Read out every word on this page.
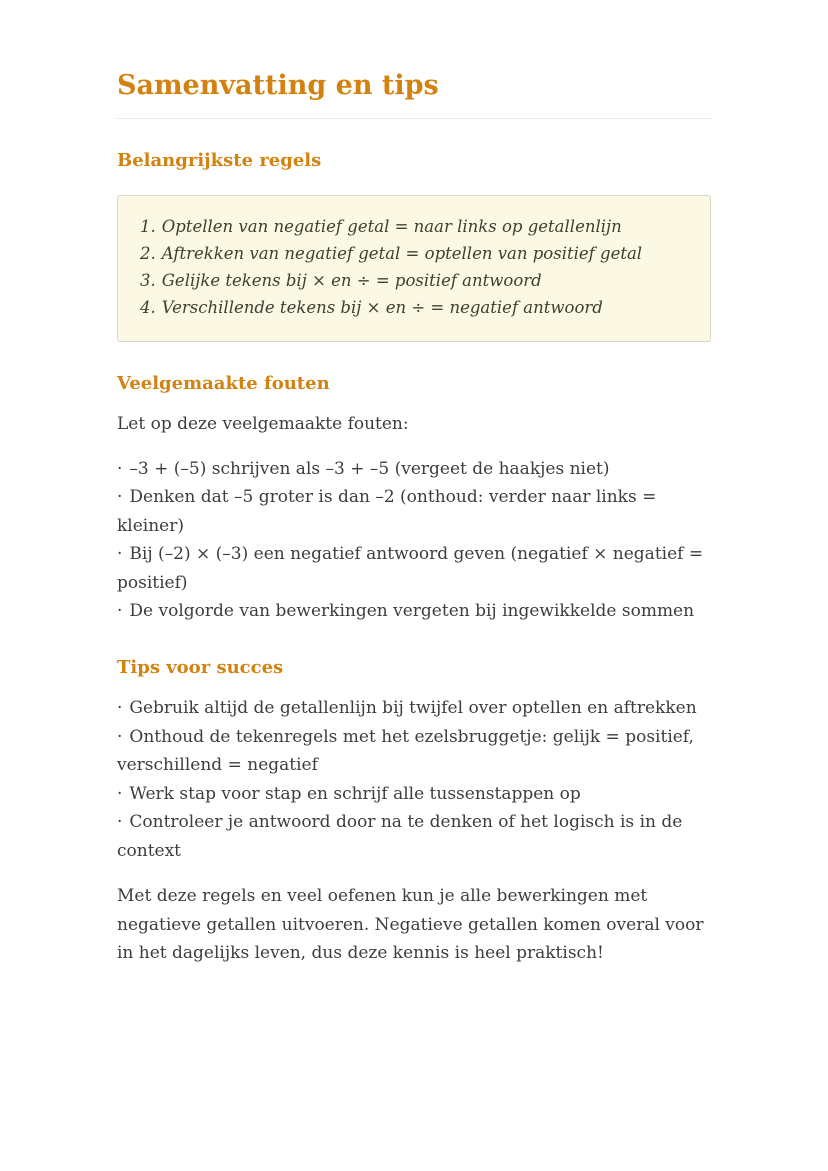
Samenvatting en tips
Belangrijkste regels
1. Optellen van negatief getal = naar links op getallenlijn
2. Aftrekken van negatief getal = optellen van positief getal
3. Gelijke tekens bij × en ÷ = positief antwoord
4. Verschillende tekens bij × en ÷ = negatief antwoord
Veelgemaakte fouten

Let op deze veelgemaakte fouten:

· –3 + (–5) schrijven als –3 + –5 (vergeet de haakjes niet)
· Denken dat –5 groter is dan –2 (onthoud: verder naar links = kleiner)
· Bij (–2) × (–3) een negatief antwoord geven (negatief × negatief = positief)
· De volgorde van bewerkingen vergeten bij ingewikkelde sommen
Tips voor succes
· Gebruik altijd de getallenlijn bij twijfel over optellen en aftrekken
· Onthoud de tekenregels met het ezelsbruggetje: gelijk = positief, verschillend = negatief
· Werk stap voor stap en schrijf alle tussenstappen op
· Controleer je antwoord door na te denken of het logisch is in de context

Met deze regels en veel oefenen kun je alle bewerkingen met negatieve getallen uitvoeren. Negatieve getallen komen overal voor in het dagelijks leven, dus deze kennis is heel praktisch!
